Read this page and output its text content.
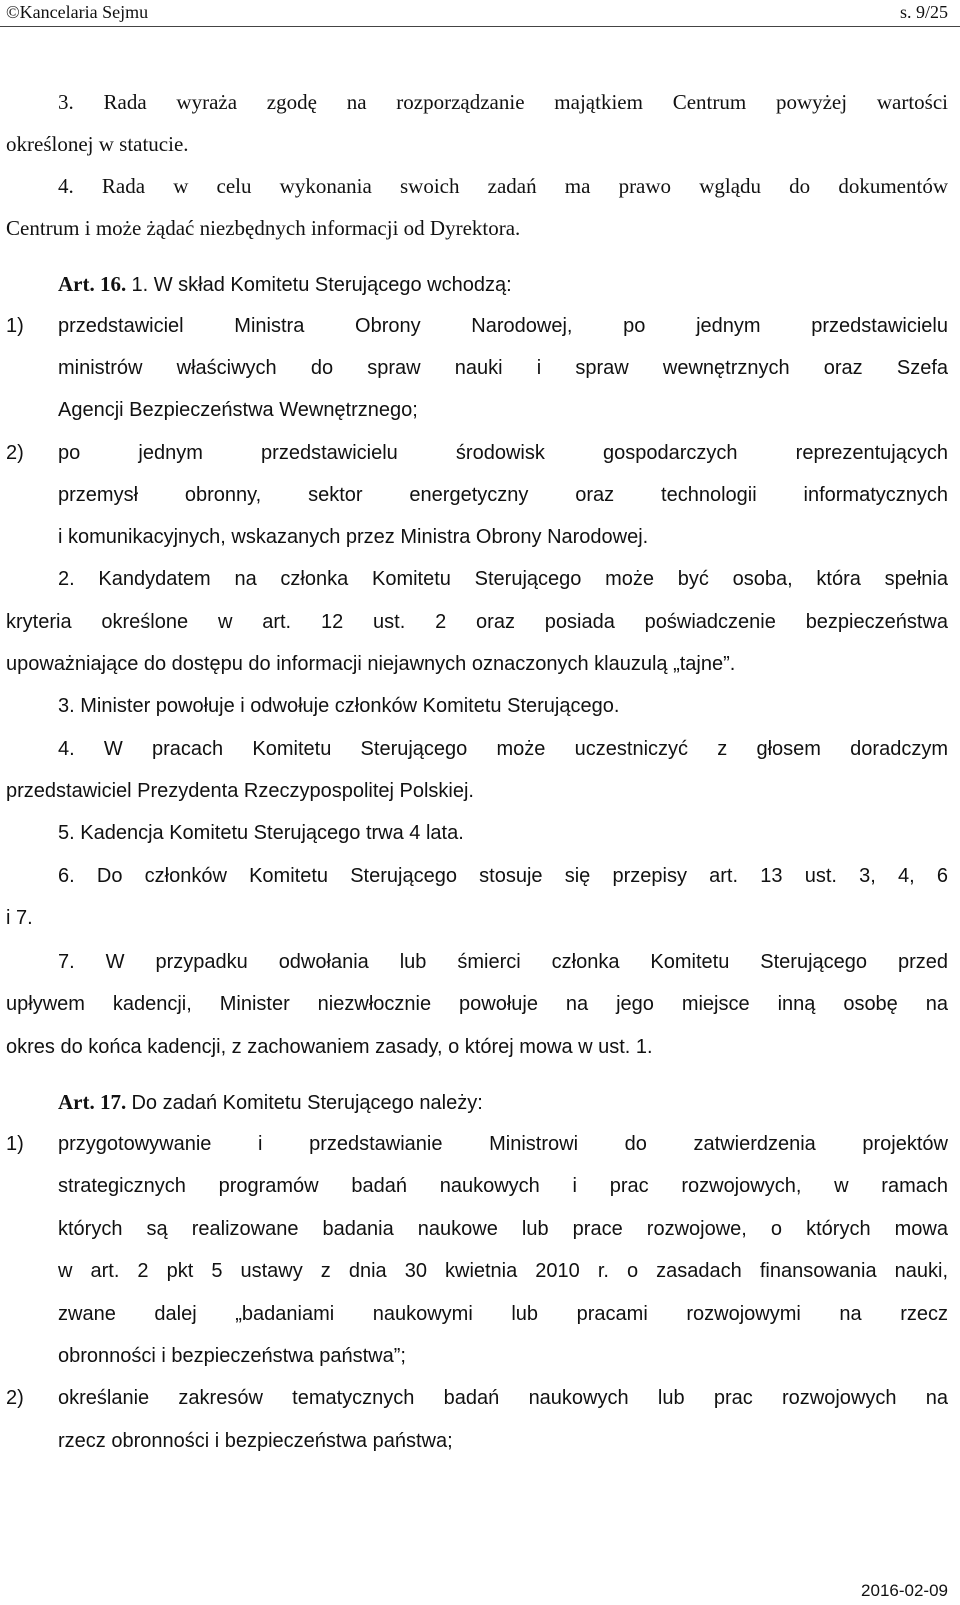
©Kancelaria Sejmu	s. 9/25
3. Rada wyraża zgodę na rozporządzanie majątkiem Centrum powyżej wartości
określonej w statucie.
4. Rada w celu wykonania swoich zadań ma prawo wglądu do dokumentów
Centrum i może żądać niezbędnych informacji od Dyrektora.
Art. 16. 1. W skład Komitetu Sterującego wchodzą:
1) przedstawiciel Ministra Obrony Narodowej, po jednym przedstawicielu
ministrów właściwych do spraw nauki i spraw wewnętrznych oraz Szefa
Agencji Bezpieczeństwa Wewnętrznego;
2) po jednym przedstawicielu środowisk gospodarczych reprezentujących
przemysł obronny, sektor energetyczny oraz technologii informatycznych
i komunikacyjnych, wskazanych przez Ministra Obrony Narodowej.
2. Kandydatem na członka Komitetu Sterującego może być osoba, która spełnia
kryteria określone w art. 12 ust. 2 oraz posiada poświadczenie bezpieczeństwa
upoważniające do dostępu do informacji niejawnych oznaczonych klauzulą „tajne”.
3. Minister powołuje i odwołuje członków Komitetu Sterującego.
4. W pracach Komitetu Sterującego może uczestniczyć z głosem doradczym
przedstawiciel Prezydenta Rzeczypospolitej Polskiej.
5. Kadencja Komitetu Sterującego trwa 4 lata.
6. Do członków Komitetu Sterującego stosuje się przepisy art. 13 ust. 3, 4, 6
i 7.
7. W przypadku odwołania lub śmierci członka Komitetu Sterującego przed
upływem kadencji, Minister niezwłocznie powołuje na jego miejsce inną osobę na
okres do końca kadencji, z zachowaniem zasady, o której mowa w ust. 1.
Art. 17. Do zadań Komitetu Sterującego należy:
1) przygotowywanie i przedstawianie Ministrowi do zatwierdzenia projektów
strategicznych programów badań naukowych i prac rozwojowych, w ramach
których są realizowane badania naukowe lub prace rozwojowe, o których mowa
w art. 2 pkt 5 ustawy z dnia 30 kwietnia 2010 r. o zasadach finansowania nauki,
zwane dalej „badaniami naukowymi lub pracami rozwojowymi na rzecz
obronności i bezpieczeństwa państwa”;
2) określanie zakresów tematycznych badań naukowych lub prac rozwojowych na
rzecz obronności i bezpieczeństwa państwa;
2016-02-09
